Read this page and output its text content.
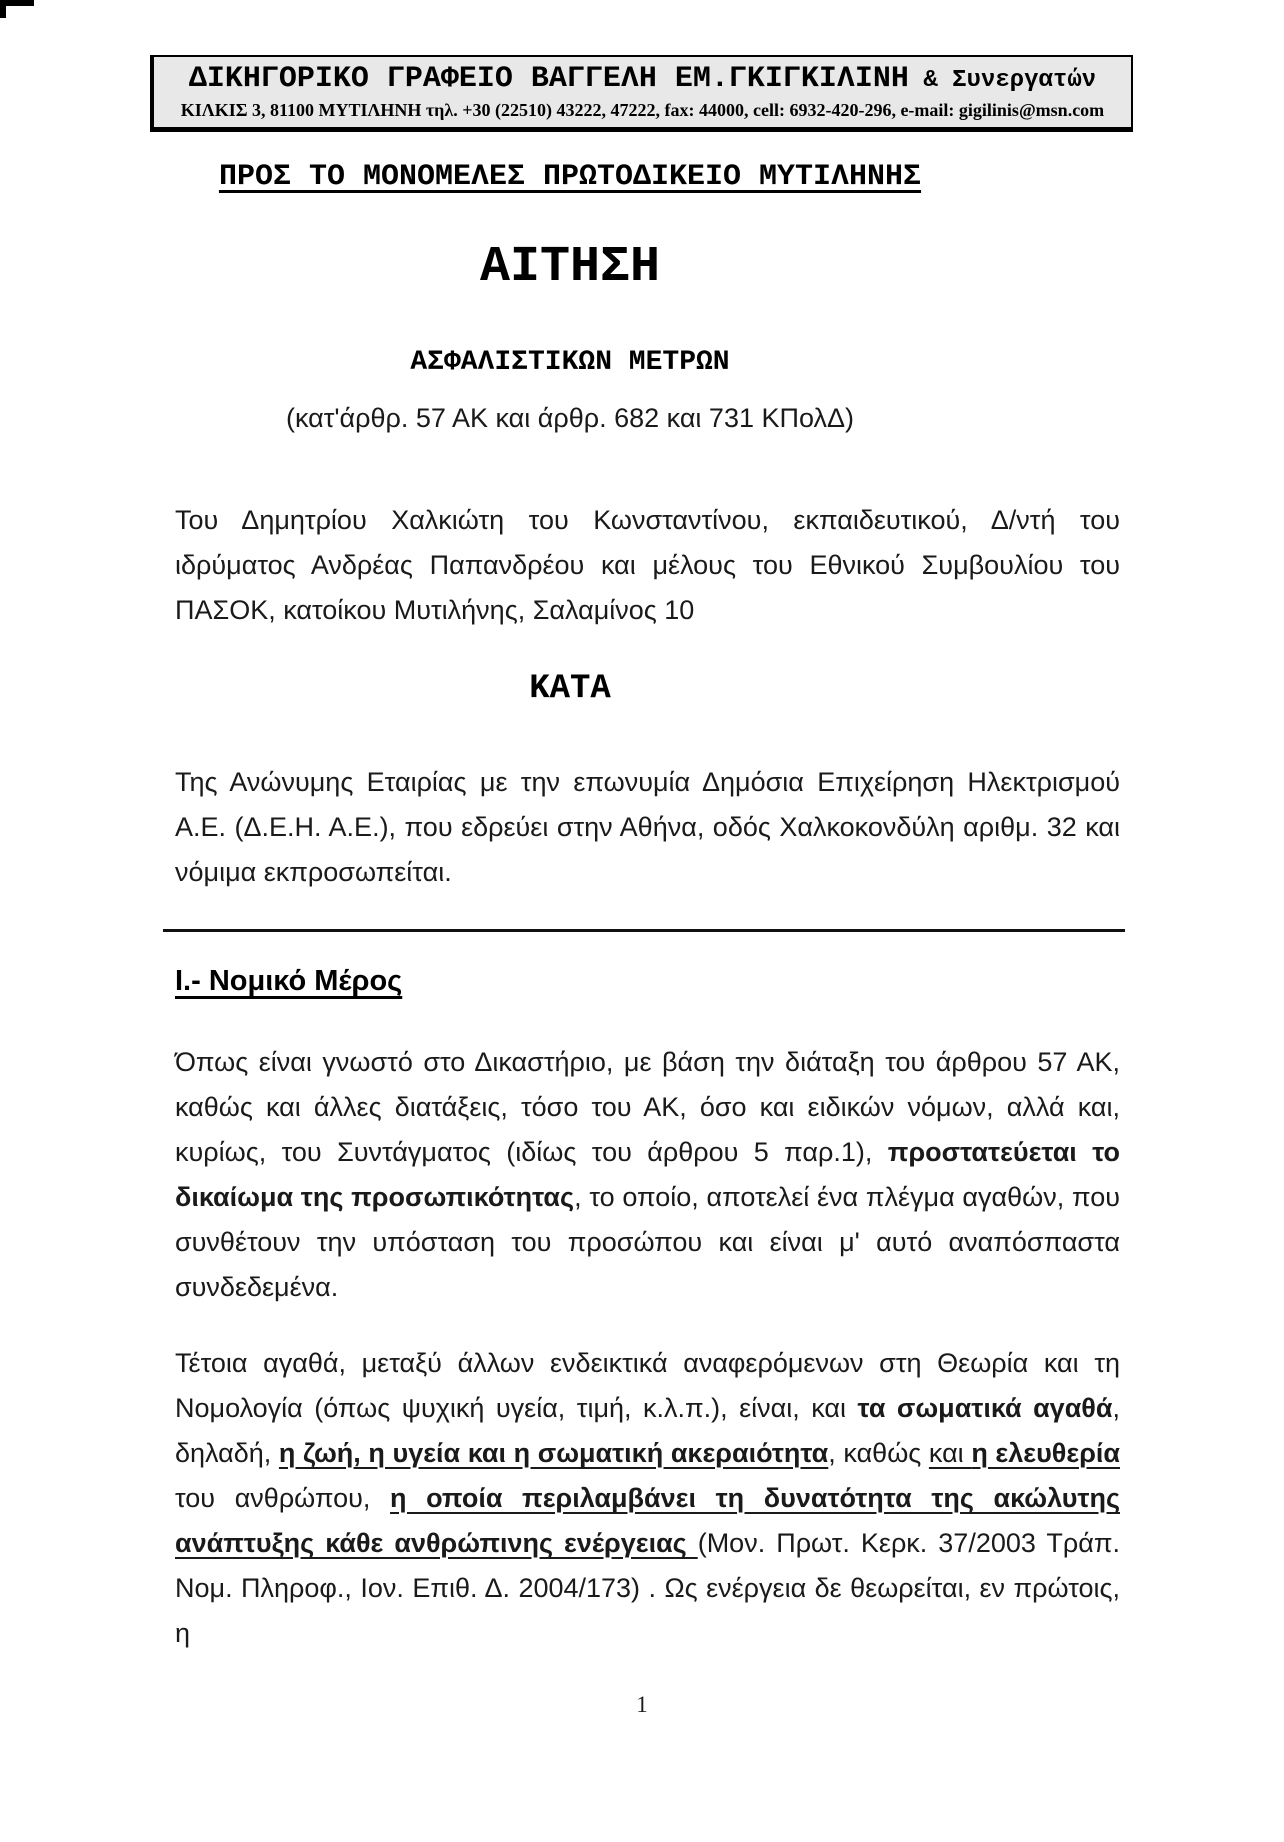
ΔΙΚΗΓΟΡΙΚΟ ΓΡΑΦΕΙΟ ΒΑΓΓΕΛΗ ΕΜ.ΓΚΙΓΚΙΛΙΝΗ & Συνεργατών
ΚΙΛΚΙΣ 3, 81100 ΜΥΤΙΛΗΝΗ τηλ. +30 (22510) 43222, 47222, fax: 44000, cell: 6932-420-296, e-mail: gigilinis@msn.com
ΠΡΟΣ ΤΟ ΜΟΝΟΜΕΛΕΣ ΠΡΩΤΟΔΙΚΕΙΟ ΜΥΤΙΛΗΝΗΣ
ΑΙΤΗΣΗ
ΑΣΦΑΛΙΣΤΙΚΩΝ ΜΕΤΡΩΝ
(κατ'άρθρ. 57 ΑΚ και άρθρ. 682 και 731 ΚΠολΔ)

Του Δημητρίου Χαλκιώτη του Κωνσταντίνου, εκπαιδευτικού, Δ/ντή του ιδρύματος Ανδρέας Παπανδρέου και μέλους του Εθνικού Συμβουλίου του ΠΑΣΟΚ, κατοίκου Μυτιλήνης, Σαλαμίνος 10

ΚΑΤΑ

Της Ανώνυμης Εταιρίας με την επωνυμία Δημόσια Επιχείρηση Ηλεκτρισμού Α.Ε. (Δ.Ε.Η. Α.Ε.), που εδρεύει στην Αθήνα, οδός Χαλκοκονδύλη αριθμ. 32 και νόμιμα εκπροσωπείται.

Ι.- Νομικό Μέρος

Όπως είναι γνωστό στο Δικαστήριο, με βάση την διάταξη του άρθρου 57 ΑΚ, καθώς και άλλες διατάξεις, τόσο του ΑΚ, όσο και ειδικών νόμων, αλλά και, κυρίως, του Συντάγματος (ιδίως του άρθρου 5 παρ.1), προστατεύεται το δικαίωμα της προσωπικότητας, το οποίο, αποτελεί ένα πλέγμα αγαθών, που συνθέτουν την υπόσταση του προσώπου και είναι μ' αυτό αναπόσπαστα συνδεδεμένα.

Τέτοια αγαθά, μεταξύ άλλων ενδεικτικά αναφερόμενων στη Θεωρία και τη Νομολογία (όπως ψυχική υγεία, τιμή, κ.λ.π.), είναι, και τα σωματικά αγαθά, δηλαδή, η ζωή, η υγεία και η σωματική ακεραιότητα, καθώς και η ελευθερία του ανθρώπου, η οποία περιλαμβάνει τη δυνατότητα της ακώλυτης ανάπτυξης κάθε ανθρώπινης ενέργειας (Μον. Πρωτ. Κερκ. 37/2003 Τράπ. Νομ. Πληροφ., Ιον. Επιθ. Δ. 2004/173) . Ως ενέργεια δε θεωρείται, εν πρώτοις, η

1
